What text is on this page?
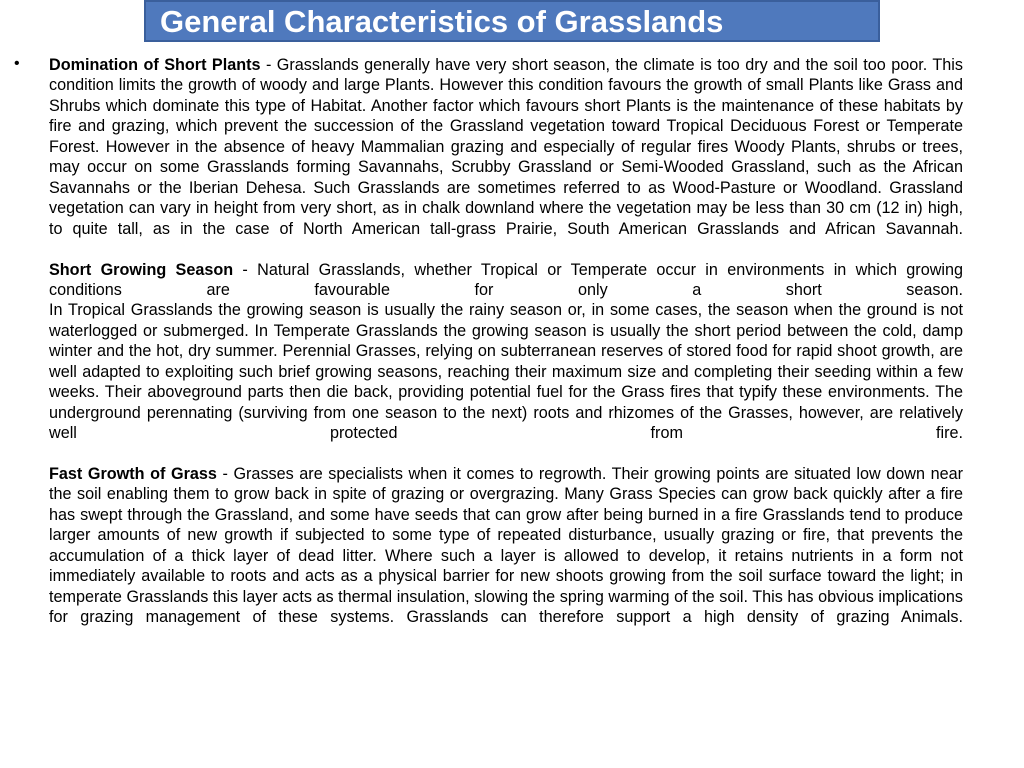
General Characteristics of Grasslands
• Domination of Short Plants - Grasslands generally have very short season, the climate is too dry and the soil too poor. This condition limits the growth of woody and large Plants. However this condition favours the growth of small Plants like Grass and Shrubs which dominate this type of Habitat. Another factor which favours short Plants is the maintenance of these habitats by fire and grazing, which prevent the succession of the Grassland vegetation toward Tropical Deciduous Forest or Temperate Forest. However in the absence of heavy Mammalian grazing and especially of regular fires Woody Plants, shrubs or trees, may occur on some Grasslands forming Savannahs, Scrubby Grassland or Semi-Wooded Grassland, such as the African Savannahs or the Iberian Dehesa. Such Grasslands are sometimes referred to as Wood-Pasture or Woodland. Grassland vegetation can vary in height from very short, as in chalk downland where the vegetation may be less than 30 cm (12 in) high, to quite tall, as in the case of North American tall-grass Prairie, South American Grasslands and African Savannah.

Short Growing Season - Natural Grasslands, whether Tropical or Temperate occur in environments in which growing conditions are favourable for only a short season.

In Tropical Grasslands the growing season is usually the rainy season or, in some cases, the season when the ground is not waterlogged or submerged. In Temperate Grasslands the growing season is usually the short period between the cold, damp winter and the hot, dry summer. Perennial Grasses, relying on subterranean reserves of stored food for rapid shoot growth, are well adapted to exploiting such brief growing seasons, reaching their maximum size and completing their seeding within a few weeks. Their aboveground parts then die back, providing potential fuel for the Grass fires that typify these environments. The underground perennating (surviving from one season to the next) roots and rhizomes of the Grasses, however, are relatively well protected from fire.

Fast Growth of Grass - Grasses are specialists when it comes to regrowth. Their growing points are situated low down near the soil enabling them to grow back in spite of grazing or overgrazing. Many Grass Species can grow back quickly after a fire has swept through the Grassland, and some have seeds that can grow after being burned in a fire Grasslands tend to produce larger amounts of new growth if subjected to some type of repeated disturbance, usually grazing or fire, that prevents the accumulation of a thick layer of dead litter. Where such a layer is allowed to develop, it retains nutrients in a form not immediately available to roots and acts as a physical barrier for new shoots growing from the soil surface toward the light; in temperate Grasslands this layer acts as thermal insulation, slowing the spring warming of the soil. This has obvious implications for grazing management of these systems. Grasslands can therefore support a high density of grazing Animals.
